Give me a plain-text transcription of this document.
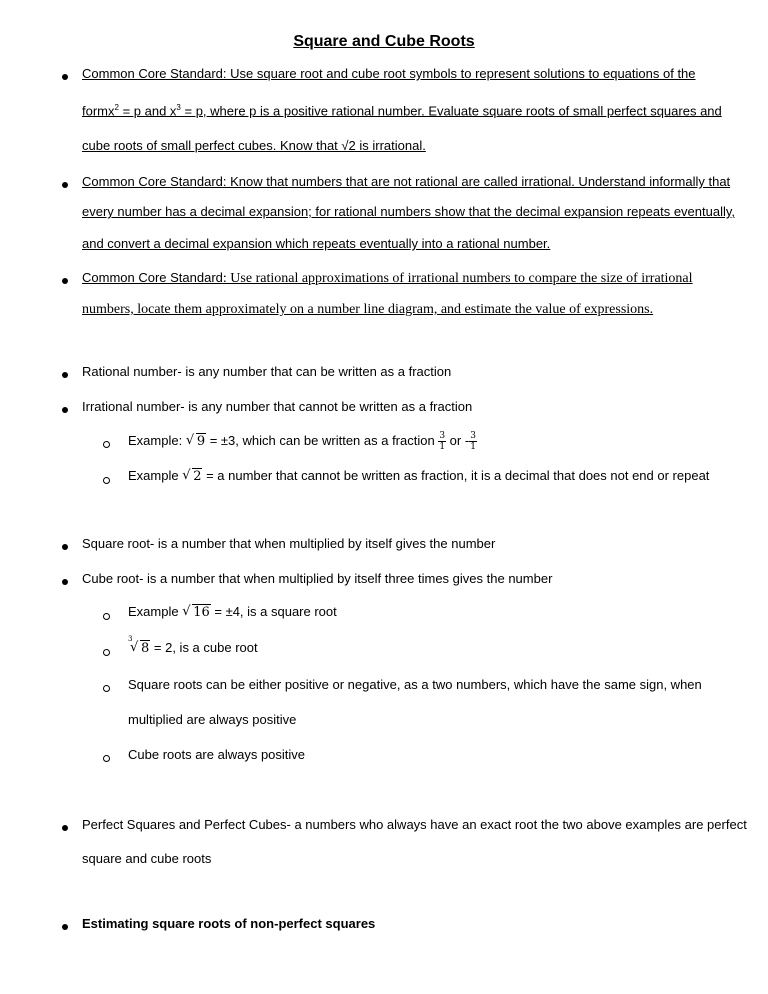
Square and Cube Roots
Common Core Standard: Use square root and cube root symbols to represent solutions to equations of the
formx$^2$ = p and $x^3 = p$, where p is a positive rational number. Evaluate square roots of small perfect squares and
cube roots of small perfect cubes. Know that √2 is irrational.
Common Core Standard: Know that numbers that are not rational are called irrational. Understand informally that
every number has a decimal expansion; for rational numbers show that the decimal expansion repeats eventually,
and convert a decimal expansion which repeats eventually into a rational number.
Common Core Standard: Use rational approximations of irrational numbers to compare the size of irrational
numbers, locate them approximately on a number line diagram, and estimate the value of expressions.
Rational number- is any number that can be written as a fraction
Irrational number- is any number that cannot be written as a fraction
Example: √ 9 = ±3, which can be written as a fraction $\frac{3}{1}$ or - $\frac{3}{1}$
Example √ 2 = a number that cannot be written as fraction, it is a decimal that does not end or repeat
Square root- is a number that when multiplied by itself gives the number
Cube root- is a number that when multiplied by itself three times gives the number
Example √ 16 = ±4, is a square root
√ 3
8 = 2, is a cube root
Square roots can be either positive or negative, as a two numbers, which have the same sign, when
multiplied are always positive
Cube roots are always positive
Perfect Squares and Perfect Cubes- a numbers who always have an exact root the two above examples are perfect
square and cube roots
Estimating square roots of non-perfect squares
